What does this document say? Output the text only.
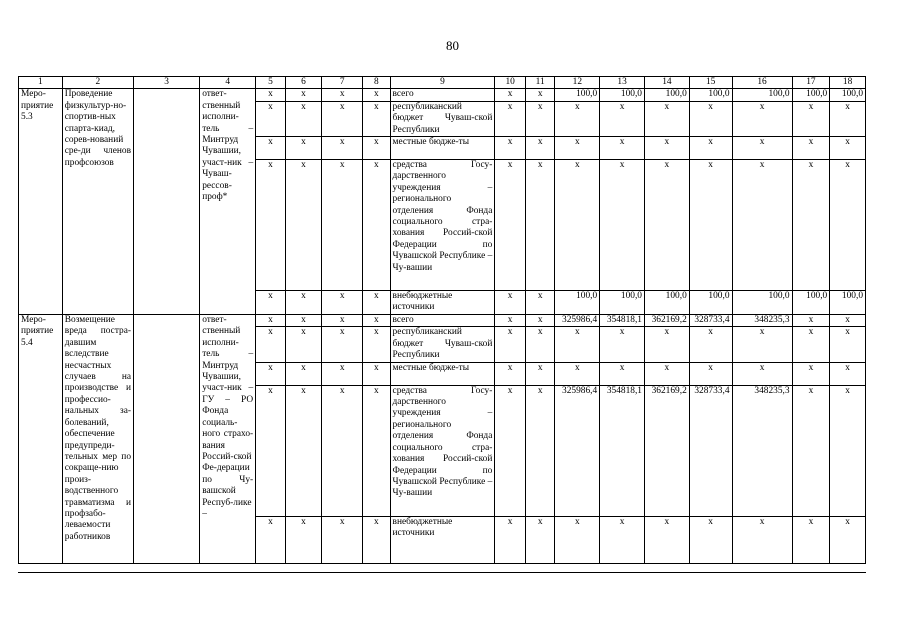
80
1	2	3	4	5	6	7	8	9	10	11	12	13	14	15	16	17	18
Меро-приятие 5.3	Проведение физкультур-но-спортив-ных спарта-киад, сорев-нований сре-ди членов профсоюзов		ответ-ственный исполни-тель – Минтруд Чувашии, участ-ник – Чуваш-рессов-проф*	x	x	x	x	всего	x	x	100,0	100,0	100,0	100,0	100,0	100,0	100,0
				x	x	x	x	республиканский бюджет Чуваш-ской Республики	x	x	x	x	x	x	x	x	x
				x	x	x	x	местные бюдже-ты	x	x	x	x	x	x	x	x	x
				x	x	x	x	средства Госу-дарственного учреждения – регионального отделения Фонда социального стра-хования Россий-ской Федерации по Чувашской Республике – Чу-вашии	x	x	x	x	x	x	x	x	x
				x	x	x	x	внебюджетные источники	x	x	100,0	100,0	100,0	100,0	100,0	100,0	100,0
Меро-приятие 5.4	Возмещение вреда постра-давшим вследствие несчастных случаев на производстве и профессио-нальных за-болеваний, обеспечение предупреди-тельных мер по сокраще-нию произ-водственного травматизма и профзабо-леваемости работников		ответ-ственный исполни-тель – Минтруд Чувашии, участ-ник – ГУ – РО Фонда социаль-ного страхо-вания Россий-ской Фе-дерации по Чу-вашской Респуб-лике –	x	x	x	x	всего	x	x	325986,4	354818,1	362169,2	328733,4	348235,3	x	x
				x	x	x	x	республиканский бюджет Чуваш-ской Республики	x	x	x	x	x	x	x	x	x
				x	x	x	x	местные бюдже-ты	x	x	x	x	x	x	x	x	x
				x	x	x	x	средства Госу-дарственного учреждения – регионального отделения Фонда социального стра-хования Россий-ской Федерации по Чувашской Республике – Чу-вашии	x	x	325986,4	354818,1	362169,2	328733,4	348235,3	x	x
				x	x	x	x	внебюджетные источники	x	x	x	x	x	x	x	x	x
